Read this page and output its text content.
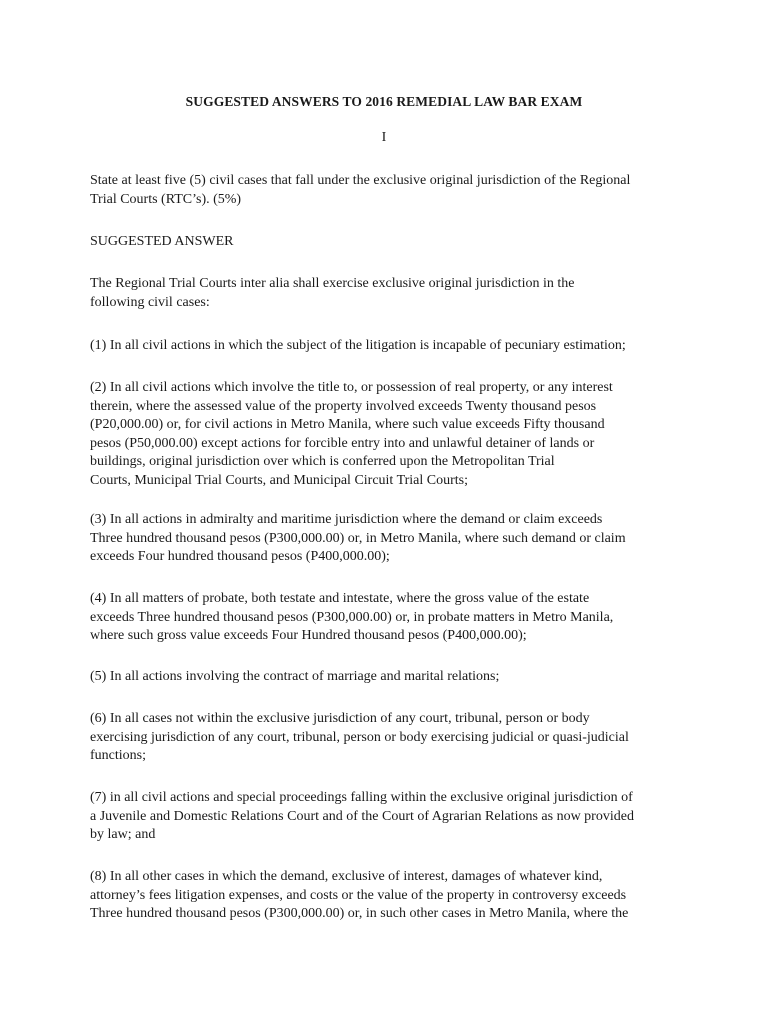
SUGGESTED ANSWERS TO 2016 REMEDIAL LAW BAR EXAM

I

State at least five (5) civil cases that fall under the exclusive original jurisdiction of the Regional
Trial Courts (RTC’s). (5%)

SUGGESTED ANSWER

The Regional Trial Courts inter alia shall exercise exclusive original jurisdiction in the
following civil cases:

(1) In all civil actions in which the subject of the litigation is incapable of pecuniary estimation;

(2) In all civil actions which involve the title to, or possession of real property, or any interest
therein, where the assessed value of the property involved exceeds Twenty thousand pesos
(P20,000.00) or, for civil actions in Metro Manila, where such value exceeds Fifty thousand
pesos (P50,000.00) except actions for forcible entry into and unlawful detainer of lands or
buildings, original jurisdiction over which is conferred upon the Metropolitan Trial
Courts, Municipal Trial Courts, and Municipal Circuit Trial Courts;

(3) In all actions in admiralty and maritime jurisdiction where the demand or claim exceeds
Three hundred thousand pesos (P300,000.00) or, in Metro Manila, where such demand or claim
exceeds Four hundred thousand pesos (P400,000.00);

(4) In all matters of probate, both testate and intestate, where the gross value of the estate
exceeds Three hundred thousand pesos (P300,000.00) or, in probate matters in Metro Manila,
where such gross value exceeds Four Hundred thousand pesos (P400,000.00);

(5) In all actions involving the contract of marriage and marital relations;

(6) In all cases not within the exclusive jurisdiction of any court, tribunal, person or body
exercising jurisdiction of any court, tribunal, person or body exercising judicial or quasi-judicial
functions;

(7) in all civil actions and special proceedings falling within the exclusive original jurisdiction of
a Juvenile and Domestic Relations Court and of the Court of Agrarian Relations as now provided
by law; and

(8) In all other cases in which the demand, exclusive of interest, damages of whatever kind,
attorney’s fees litigation expenses, and costs or the value of the property in controversy exceeds
Three hundred thousand pesos (P300,000.00) or, in such other cases in Metro Manila, where the
